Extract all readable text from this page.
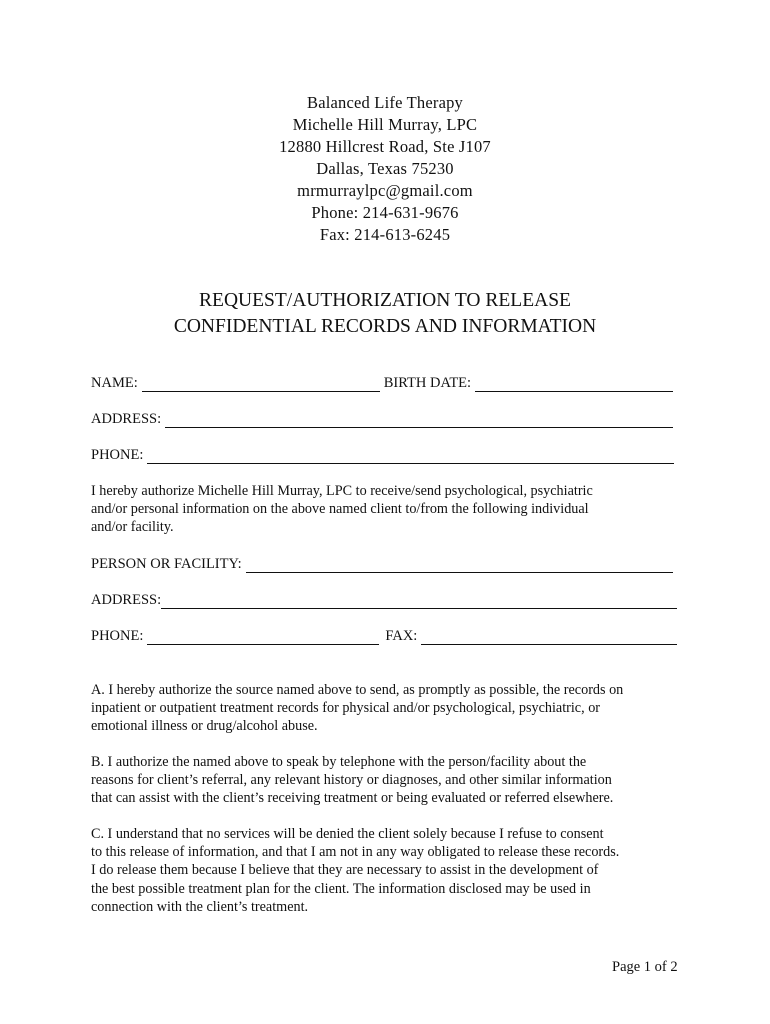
Balanced Life Therapy
Michelle Hill Murray, LPC
12880 Hillcrest Road, Ste J107
Dallas, Texas 75230
mrmurraylpc@gmail.com
Phone: 214-631-9676
Fax: 214-613-6245
REQUEST/AUTHORIZATION TO RELEASE
CONFIDENTIAL RECORDS AND INFORMATION
NAME:	BIRTH DATE:
ADDRESS:
PHONE:
I hereby authorize Michelle Hill Murray, LPC to receive/send psychological, psychiatric
and/or personal information on the above named client to/from the following individual
and/or facility.
PERSON OR FACILITY:
ADDRESS:
PHONE:	FAX:
A. I hereby authorize the source named above to send, as promptly as possible, the records on
inpatient or outpatient treatment records for physical and/or psychological, psychiatric, or
emotional illness or drug/alcohol abuse.
B. I authorize the named above to speak by telephone with the person/facility about the
reasons for client’s referral, any relevant history or diagnoses, and other similar information
that can assist with the client’s receiving treatment or being evaluated or referred elsewhere.
C. I understand that no services will be denied the client solely because I refuse to consent
to this release of information, and that I am not in any way obligated to release these records.
I do release them because I believe that they are necessary to assist in the development of
the best possible treatment plan for the client. The information disclosed may be used in
connection with the client’s treatment.
Page 1 of 2
